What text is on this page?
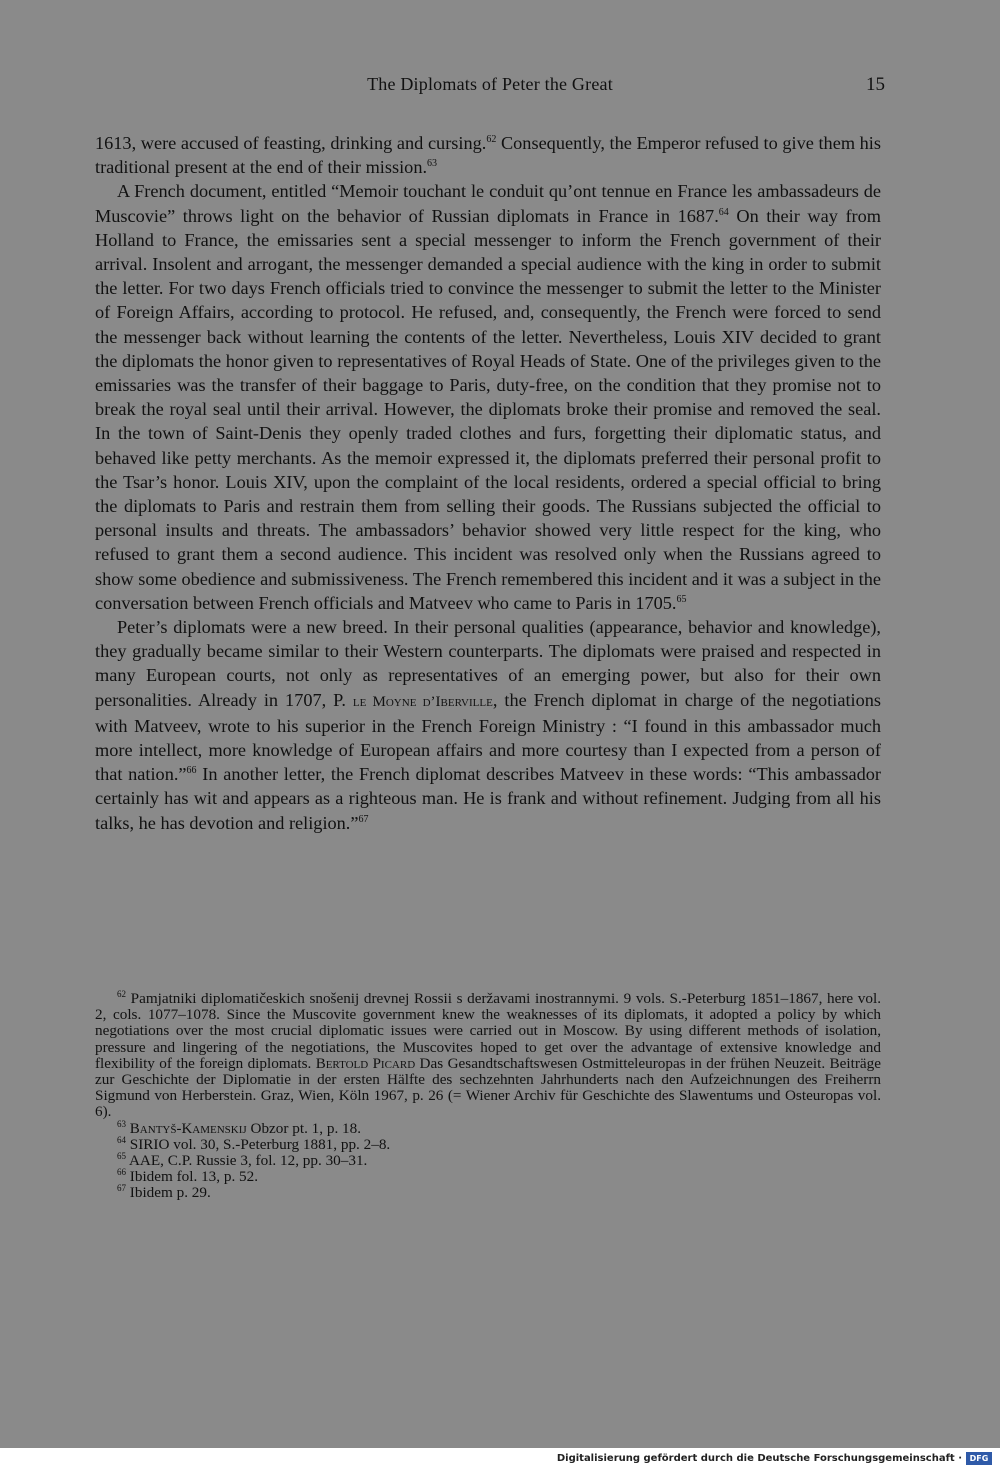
The Diplomats of Peter the Great	15

1613, were accused of feasting, drinking and cursing.$^{62}$ Consequently, the Emperor refused to give them his traditional present at the end of their mission.$^{63}$

A French document, entitled “Memoir touchant le conduit qu’ont tennue en France les ambassadeurs de Muscovie” throws light on the behavior of Russian diplomats in France in 1687.64 On their way from Holland to France, the emissaries sent a special messenger to inform the French government of their arrival. Insolent and arrogant, the messenger demanded a special audience with the king in order to submit the letter. For two days French officials tried to convince the messenger to submit the letter to the Minister of Foreign Affairs, according to protocol. He refused, and, consequently, the French were forced to send the messenger back without learning the contents of the letter. Nevertheless, Louis XIV decided to grant the diplomats the honor given to representatives of Royal Heads of State. One of the privileges given to the emissaries was the transfer of their baggage to Paris, duty-free, on the condition that they promise not to break the royal seal until their arrival. However, the diplomats broke their promise and removed the seal. In the town of Saint-Denis they openly traded clothes and furs, forgetting their diplomatic status, and behaved like petty merchants. As the memoir expressed it, the diplomats preferred their personal profit to the Tsar’s honor. Louis XIV, upon the complaint of the local residents, ordered a special official to bring the diplomats to Paris and restrain them from selling their goods. The Russians subjected the official to personal insults and threats. The ambassadors’ behavior showed very little respect for the king, who refused to grant them a second audience. This incident was resolved only when the Russians agreed to show some obedience and submissiveness. The French remembered this incident and it was a subject in the conversation between French officials and Matveev who came to Paris in 1705.65

Peter’s diplomats were a new breed. In their personal qualities (appearance, behavior and knowledge), they gradually became similar to their Western counterparts. The diplomats were praised and respected in many European courts, not only as representatives of an emerging power, but also for their own personalities. Already in 1707, P. le Moyne d’Iberville, the French diplomat in charge of the negotiations with Matveev, wrote to his superior in the French Foreign Ministry : “I found in this ambassador much more intellect, more knowledge of European affairs and more courtesy than I expected from a person of that nation.”$^{66}$ In another letter, the French diplomat describes Matveev in these words: “This ambassador certainly has wit and appears as a righteous man. He is frank and without refinement. Judging from all his talks, he has devotion and religion.”$^{67}$

$^{62}$ Pamjatniki diplomatičeskich snošenij drevnej Rossii s deržavami inostrannymi. 9 vols. S.-Peterburg 1851–1867, here vol. 2, cols. 1077–1078. Since the Muscovite government knew the weaknesses of its diplomats, it adopted a policy by which negotiations over the most crucial diplomatic issues were carried out in Moscow. By using different methods of isolation, pressure and lingering of the negotiations, the Muscovites hoped to get over the advantage of extensive knowledge and flexibility of the foreign diplomats. Bertold Picard Das Gesandtschaftswesen Ostmitteleuropas in der frühen Neuzeit. Beiträge zur Geschichte der Diplomatie in der ersten Hälfte des sechzehnten Jahrhunderts nach den Aufzeichnungen des Freiherrn Sigmund von Herberstein. Graz, Wien, Köln 1967, p. 26 (= Wiener Archiv für Geschichte des Slawentums und Osteuropas vol. 6).

$^{63}$ Bantyš-Kamenskij Obzor pt. 1, p. 18.

$^{64}$ SIRIO vol. 30, S.-Peterburg 1881, pp. 2–8.

$^{65}$ AAE, C.P. Russie 3, fol. 12, pp. 30–31.

$^{66}$ Ibidem fol. 13, p. 52.

$^{67}$ Ibidem p. 29.

Digitalisierung gefördert durch die Deutsche Forschungsgemeinschaft · DFG
